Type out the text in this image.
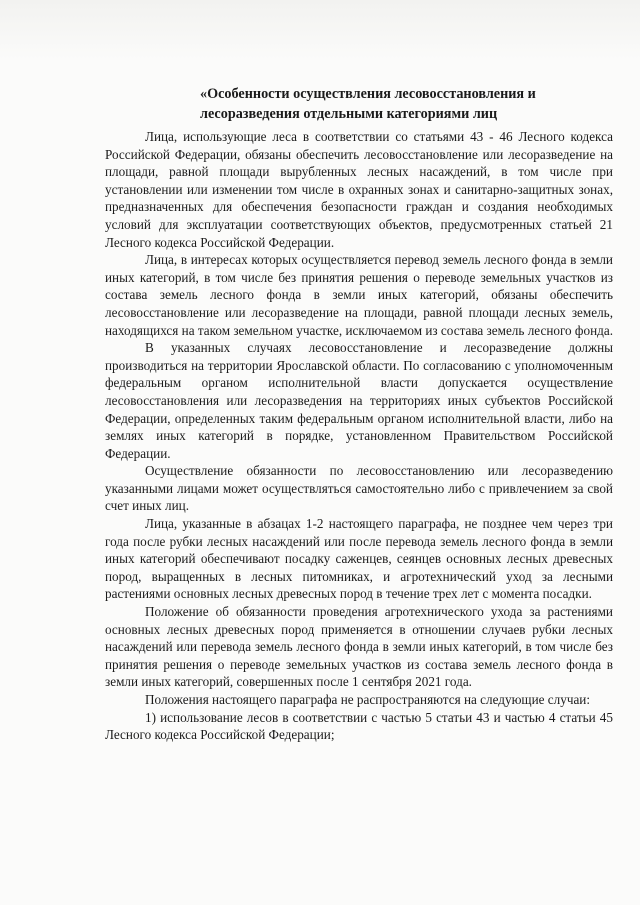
«Особенности осуществления лесовосстановления и лесоразведения отдельными категориями лиц

Лица, использующие леса в соответствии со статьями 43 - 46 Лесного кодекса Российской Федерации, обязаны обеспечить лесовосстановление или лесоразведение на площади, равной площади вырубленных лесных насаждений, в том числе при установлении или изменении том числе в охранных зонах и санитарно-защитных зонах, предназначенных для обеспечения безопасности граждан и создания необходимых условий для эксплуатации соответствующих объектов, предусмотренных статьей 21 Лесного кодекса Российской Федерации.

Лица, в интересах которых осуществляется перевод земель лесного фонда в земли иных категорий, в том числе без принятия решения о переводе земельных участков из состава земель лесного фонда в земли иных категорий, обязаны обеспечить лесовосстановление или лесоразведение на площади, равной площади лесных земель, находящихся на таком земельном участке, исключаемом из состава земель лесного фонда.

В указанных случаях лесовосстановление и лесоразведение должны производиться на территории Ярославской области. По согласованию с уполномоченным федеральным органом исполнительной власти допускается осуществление лесовосстановления или лесоразведения на территориях иных субъектов Российской Федерации, определенных таким федеральным органом исполнительной власти, либо на землях иных категорий в порядке, установленном Правительством Российской Федерации.

Осуществление обязанности по лесовосстановлению или лесоразведению указанными лицами может осуществляться самостоятельно либо с привлечением за свой счет иных лиц.

Лица, указанные в абзацах 1-2 настоящего параграфа, не позднее чем через три года после рубки лесных насаждений или после перевода земель лесного фонда в земли иных категорий обеспечивают посадку саженцев, сеянцев основных лесных древесных пород, выращенных в лесных питомниках, и агротехнический уход за лесными растениями основных лесных древесных пород в течение трех лет с момента посадки.

Положение об обязанности проведения агротехнического ухода за растениями основных лесных древесных пород применяется в отношении случаев рубки лесных насаждений или перевода земель лесного фонда в земли иных категорий, в том числе без принятия решения о переводе земельных участков из состава земель лесного фонда в земли иных категорий, совершенных после 1 сентября 2021 года.

Положения настоящего параграфа не распространяются на следующие случаи:

1) использование лесов в соответствии с частью 5 статьи 43 и частью 4 статьи 45 Лесного кодекса Российской Федерации;
